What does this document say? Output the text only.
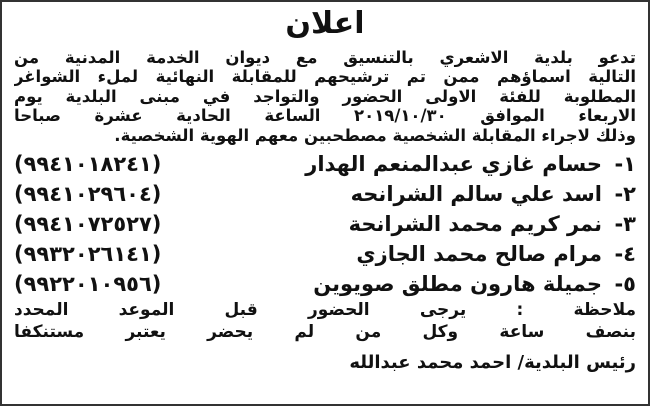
اعلان
تدعو بلدية الاشعري بالتنسيق مع ديوان الخدمة المدنية من
التالية اسماؤهم ممن تم ترشيحهم للمقابلة النهائية لملء الشواغر
المطلوبة للفئة الاولى الحضور والتواجد في مبنى البلدية يوم
الاربعاء الموافق ٢٠١٩/١٠/٣٠ الساعة الحادية عشرة صباحا
وذلك لاجراء المقابلة الشخصية مصطحبين معهم الهوية الشخصية.
١-
حسام غازي عبدالمنعم الهدار
(٩٩٤١٠١٨٢٤١)
٢-
اسد علي سالم الشرانحه
(٩٩٤١٠٢٩٦٠٤)
٣-
نمر كريم محمد الشرانحة
(٩٩٤١٠٧٢٥٢٧)
٤-
مرام صالح محمد الجازي
(٩٩٣٢٠٢٦١٤١)
٥-
جميلة هارون مطلق صويوين
(٩٩٢٢٠١٠٩٥٦)
ملاحظة : يرجى الحضور قبل الموعد المحدد
بنصف ساعة وكل من لم يحضر يعتبر مستنكفا
رئيس البلدية/ احمد محمد عبدالله
